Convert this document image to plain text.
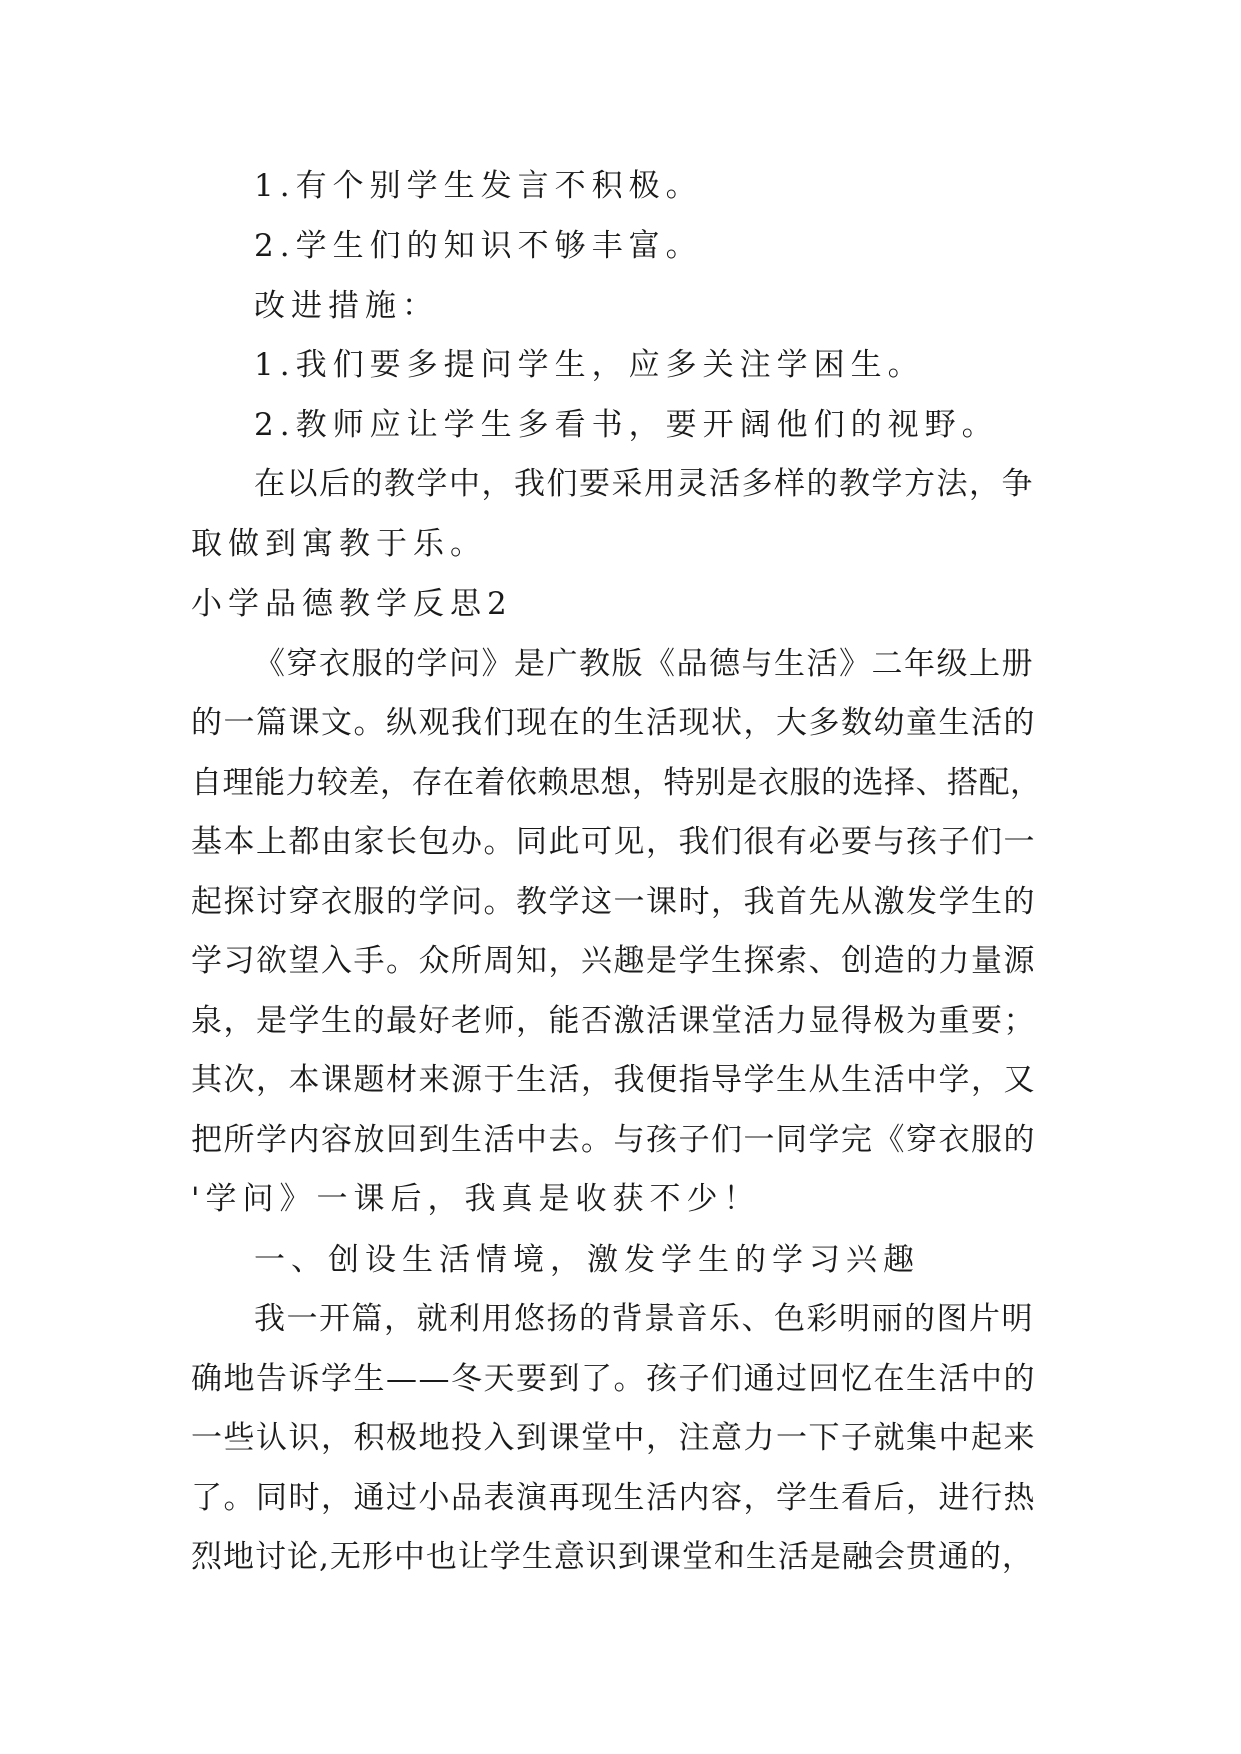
1.有个别学生发言不积极。
2.学生们的知识不够丰富。
改进措施：
1.我们要多提问学生，应多关注学困生。
2.教师应让学生多看书，要开阔他们的视野。
在以后的教学中，我们要采用灵活多样的教学方法，争
取做到寓教于乐。
小学品德教学反思2
《穿衣服的学问》是广教版《品德与生活》二年级上册
的一篇课文。纵观我们现在的生活现状，大多数幼童生活的
自理能力较差，存在着依赖思想，特别是衣服的选择、搭配，
基本上都由家长包办。同此可见，我们很有必要与孩子们一
起探讨穿衣服的学问。教学这一课时，我首先从激发学生的
学习欲望入手。众所周知，兴趣是学生探索、创造的力量源
泉，是学生的最好老师，能否激活课堂活力显得极为重要；
其次，本课题材来源于生活，我便指导学生从生活中学，又
把所学内容放回到生活中去。与孩子们一同学完《穿衣服的
'学问》一课后，我真是收获不少！
一、创设生活情境，激发学生的学习兴趣
我一开篇，就利用悠扬的背景音乐、色彩明丽的图片明
确地告诉学生——冬天要到了。孩子们通过回忆在生活中的
一些认识，积极地投入到课堂中，注意力一下子就集中起来
了。同时，通过小品表演再现生活内容，学生看后，进行热
烈地讨论,无形中也让学生意识到课堂和生活是融会贯通的，
